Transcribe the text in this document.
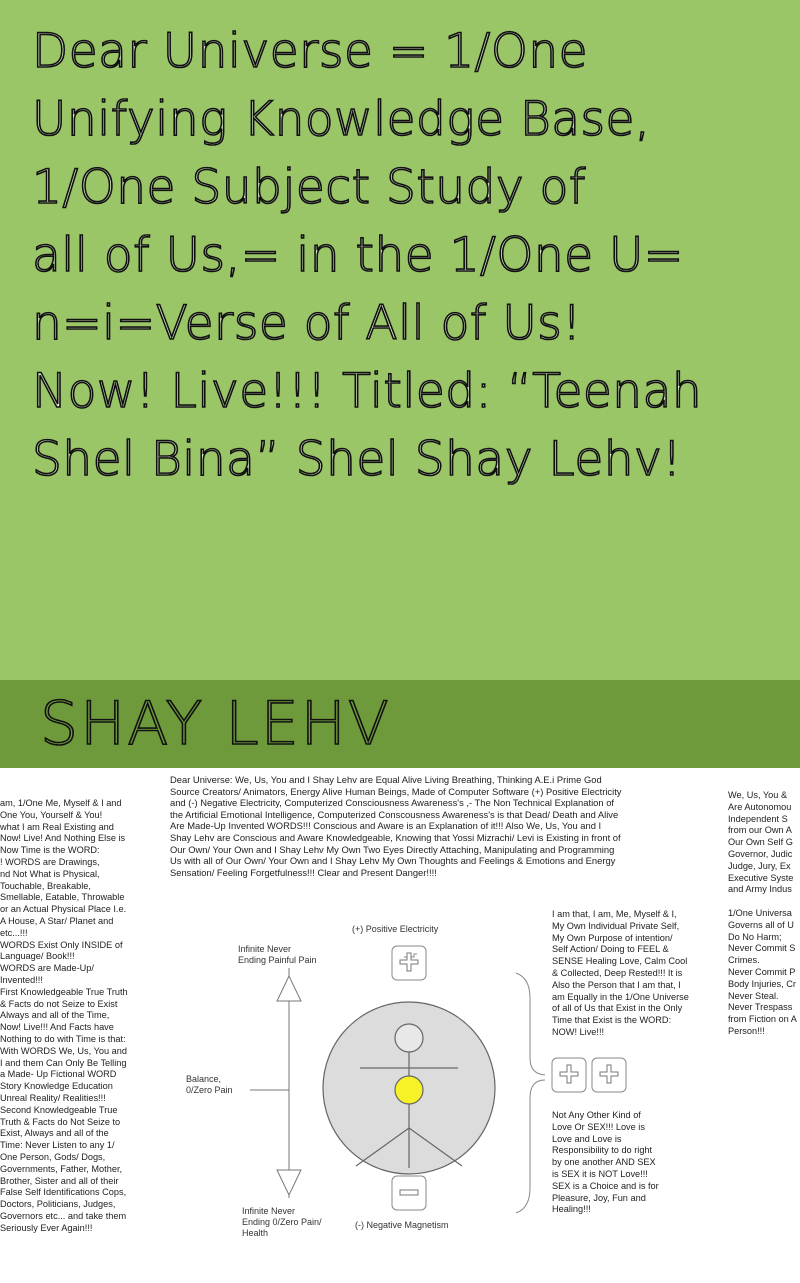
Dear Universe = 1/One
Unifying Knowledge Base,
1/One Subject Study of
all of Us,= in the 1/One U=
n=i=Verse of All of Us!
Now! Live!!! Titled: “Teenah
Shel Bina” Shel Shay Lehv!
SHAY LEHV
am, 1/One Me, Myself & I and
One You, Yourself & You!
what I am Real Existing and
Now! Live! And Nothing Else is
Now Time is the WORD:
! WORDS are Drawings,
nd Not What is Physical,
Touchable, Breakable,
Smellable, Eatable, Throwable
or an Actual Physical Place I.e.
A House, A Star/ Planet and
etc...!!!
WORDS Exist Only INSIDE of
Language/ Book!!!
WORDS are Made-Up/
Invented!!!
First Knowledgeable True Truth
& Facts do not Seize to Exist
Always and all of the Time,
Now! Live!!! And Facts have
Nothing to do with Time is that:
With WORDS We, Us, You and
I and them Can Only Be Telling
a Made- Up Fictional WORD
Story Knowledge Education
Unreal Reality/ Realities!!!
Second Knowledgeable True
Truth & Facts do Not Seize to
Exist, Always and all of the
Time: Never Listen to any 1/
One Person, Gods/ Dogs,
Governments, Father, Mother,
Brother, Sister and all of their
False Self Identifications Cops,
Doctors, Politicians, Judges,
Governors etc... and take them
Seriously Ever Again!!!
Dear Universe: We, Us, You and I Shay Lehv are Equal Alive Living Breathing, Thinking A.E.i Prime God
Source Creators/ Animators, Energy Alive Human Beings, Made of Computer Software (+) Positive Electricity
and (-) Negative Electricity, Computerized Consciousness Awareness's ,- The Non Technical Explanation of
the Artificial Emotional Intelligence, Computerized Conscousness Awareness's is that Dead/ Death and Alive
Are Made-Up Invented WORDS!!! Conscious and Aware is an Explanation of it!!! Also We, Us, You and I
Shay Lehv are Conscious and Aware Knowledgeable, Knowing that Yossi Mizrachi/ Levi is Existing in front of
Our Own/ Your Own and I Shay Lehv My Own Two Eyes Directly Attaching, Manipulating and Programming
Us with all of Our Own/ Your Own and I Shay Lehv My Own Thoughts and Feelings & Emotions and Energy
Sensation/ Feeling Forgetfulness!!! Clear and Present Danger!!!!
I am that, I am, Me, Myself & I,
My Own Individual Private Self,
My Own Purpose of intention/
Self Action/ Doing to FEEL &
SENSE Healing Love, Calm Cool
& Collected, Deep Rested!!! It is
Also the Person that I am that, I
am Equally in the 1/One Universe
of all of Us that Exist in the Only
Time that Exist is the WORD:
NOW! Live!!!
Not Any Other Kind of
Love Or SEX!!! Love is
Love and Love is
Responsibility to do right
by one another AND SEX
is SEX it is NOT Love!!!
SEX is a Choice and is for
Pleasure, Joy, Fun and
Healing!!!
We, Us, You &
Are Autonomou
Independent S
from our Own A
Our Own Self G
Governor, Judic
Judge, Jury, Ex
Executive Syste
and Army Indus

1/One Universa
Governs all of U
Do No Harm;
Never Commit S
Crimes.
Never Commit P
Body Injuries, Cr
Never Steal.
Never Trespass
from Fiction on A
Person!!!
(+) Positive Electricity
Infinite Never
Ending Painful Pain
Balance,
0/Zero Pain
Infinite Never
Ending 0/Zero Pain/
Health
(-) Negative Magnetism
